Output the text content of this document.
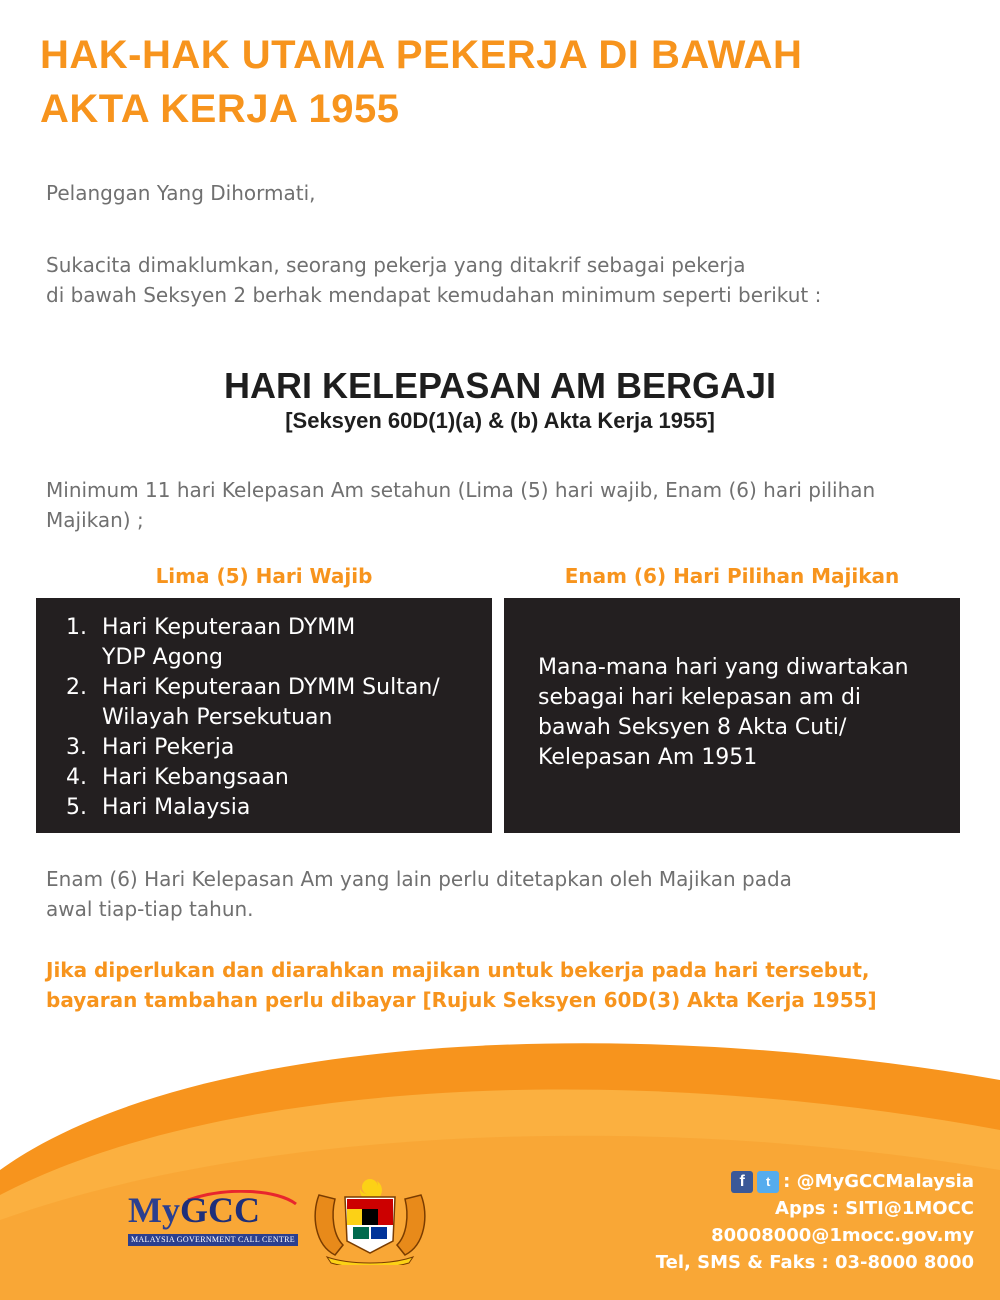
HAK-HAK UTAMA PEKERJA DI BAWAH
AKTA KERJA 1955
Pelanggan Yang Dihormati,
Sukacita dimaklumkan, seorang pekerja yang ditakrif sebagai pekerja
di bawah Seksyen 2 berhak mendapat kemudahan minimum seperti berikut :
HARI KELEPASAN AM BERGAJI
[Seksyen 60D(1)(a) & (b) Akta Kerja 1955]
Minimum 11 hari Kelepasan Am setahun (Lima (5) hari wajib, Enam (6) hari pilihan Majikan) ;
Lima (5) Hari Wajib	Enam (6) Hari Pilihan Majikan
1. Hari Keputeraan DYMM
YDP Agong
2. Hari Keputeraan DYMM Sultan/
Wilayah Persekutuan
3. Hari Pekerja
4. Hari Kebangsaan
5. Hari Malaysia
Mana-mana hari yang diwartakan
sebagai hari kelepasan am di
bawah Seksyen 8 Akta Cuti/
Kelepasan Am 1951
Enam (6) Hari Kelepasan Am yang lain perlu ditetapkan oleh Majikan pada
awal tiap-tiap tahun.
Jika diperlukan dan diarahkan majikan untuk bekerja pada hari tersebut,
bayaran tambahan perlu dibayar [Rujuk Seksyen 60D(3) Akta Kerja 1955]
MyGCC
MALAYSIA GOVERNMENT CALL CENTRE
f	t : @MyGCCMalaysia
Apps : SITI@1MOCC
80008000@1mocc.gov.my
Tel, SMS & Faks : 03-8000 8000
